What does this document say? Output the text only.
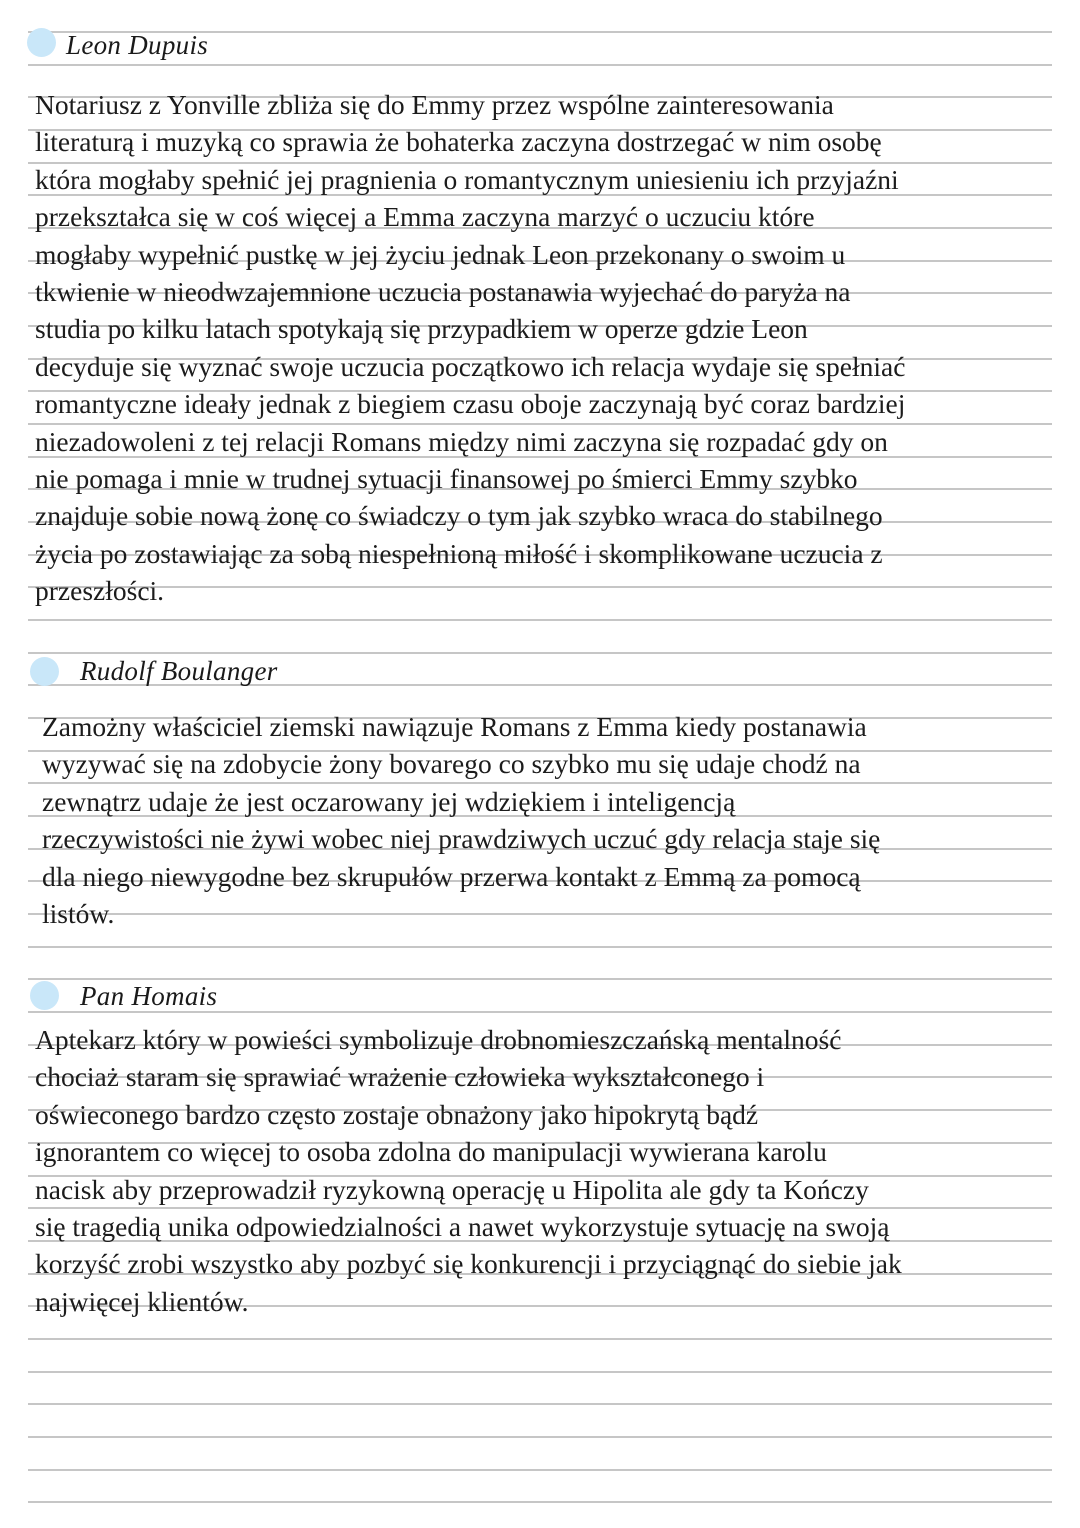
Leon Dupuis
Notariusz z Yonville zbliża się do Emmy przez wspólne zainteresowania
literaturą i muzyką co sprawia że bohaterka zaczyna dostrzegać w nim osobę
która mogłaby spełnić jej pragnienia o romantycznym uniesieniu ich przyjaźni
przekształca się w coś więcej a Emma zaczyna marzyć o uczuciu które
mogłaby wypełnić pustkę w jej życiu jednak Leon przekonany o swoim u
tkwienie w nieodwzajemnione uczucia postanawia wyjechać do paryża na
studia po kilku latach spotykają się przypadkiem w operze gdzie Leon
decyduje się wyznać swoje uczucia początkowo ich relacja wydaje się spełniać
romantyczne ideały jednak z biegiem czasu oboje zaczynają być coraz bardziej
niezadowoleni z tej relacji Romans między nimi zaczyna się rozpadać gdy on
nie pomaga i mnie w trudnej sytuacji finansowej po śmierci Emmy szybko
znajduje sobie nową żonę co świadczy o tym jak szybko wraca do stabilnego
życia po zostawiając za sobą niespełnioną miłość i skomplikowane uczucia z
przeszłości.
Rudolf Boulanger
Zamożny właściciel ziemski nawiązuje Romans z Emma kiedy postanawia
wyzywać się na zdobycie żony bovarego co szybko mu się udaje chodź na
zewnątrz udaje że jest oczarowany jej wdziękiem i inteligencją
rzeczywistości nie żywi wobec niej prawdziwych uczuć gdy relacja staje się
dla niego niewygodne bez skrupułów przerwa kontakt z Emmą za pomocą
listów.
Pan Homais
Aptekarz który w powieści symbolizuje drobnomieszczańską mentalność
chociaż staram się sprawiać wrażenie człowieka wykształconego i
oświeconego bardzo często zostaje obnażony jako hipokrytą bądź
ignorantem co więcej to osoba zdolna do manipulacji wywierana karolu
nacisk aby przeprowadził ryzykowną operację u Hipolita ale gdy ta Kończy
się tragedią unika odpowiedzialności a nawet wykorzystuje sytuację na swoją
korzyść zrobi wszystko aby pozbyć się konkurencji i przyciągnąć do siebie jak
najwięcej klientów.
